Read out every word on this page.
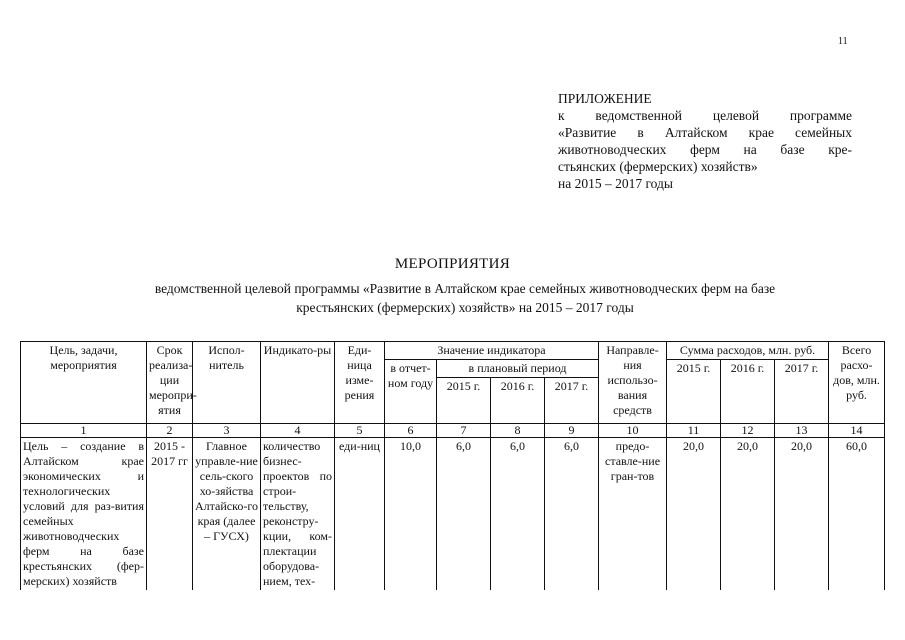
11
ПРИЛОЖЕНИЕ
к ведомственной целевой программе
«Развитие в Алтайском крае семейных
животноводческих ферм на базе кре-
стьянских (фермерских) хозяйств»
на 2015 – 2017 годы
МЕРОПРИЯТИЯ
ведомственной целевой программы «Развитие в Алтайском крае семейных животноводческих ферм на базе
крестьянских (фермерских) хозяйств» на 2015 – 2017 годы
Цель, задачи, мероприятия	Срок реализа-ции меропри-ятия	Испол-нитель	Индикато-ры	Еди-ница изме-рения	Значение индикатора				Направле-ния использо-вания средств	Сумма расходов, млн. руб.			Всего расхо-дов, млн. руб.
					в отчет-ном году	в плановый период				2015 г.	2016 г.	2017 г.	
						2015 г.	2016 г.	2017 г.					
1	2	3	4	5	6	7	8	9	10	11	12	13	14
Цель – создание в Алтайском крае экономических и технологических условий для раз-вития семейных животноводческих ферм на базе крестьянских (фер-мерских) хозяйств	2015 - 2017 гг	Главное управле-ние сель-ского хо-зяйства Алтайско-го края (далее – ГУСХ)	количество бизнес-проектов по строи-тельству, реконстру-кции, ком-плектации оборудова-нием, тех-	еди-ниц	10,0	6,0	6,0	6,0	предо-ставле-ние гран-тов	20,0	20,0	20,0	60,0
